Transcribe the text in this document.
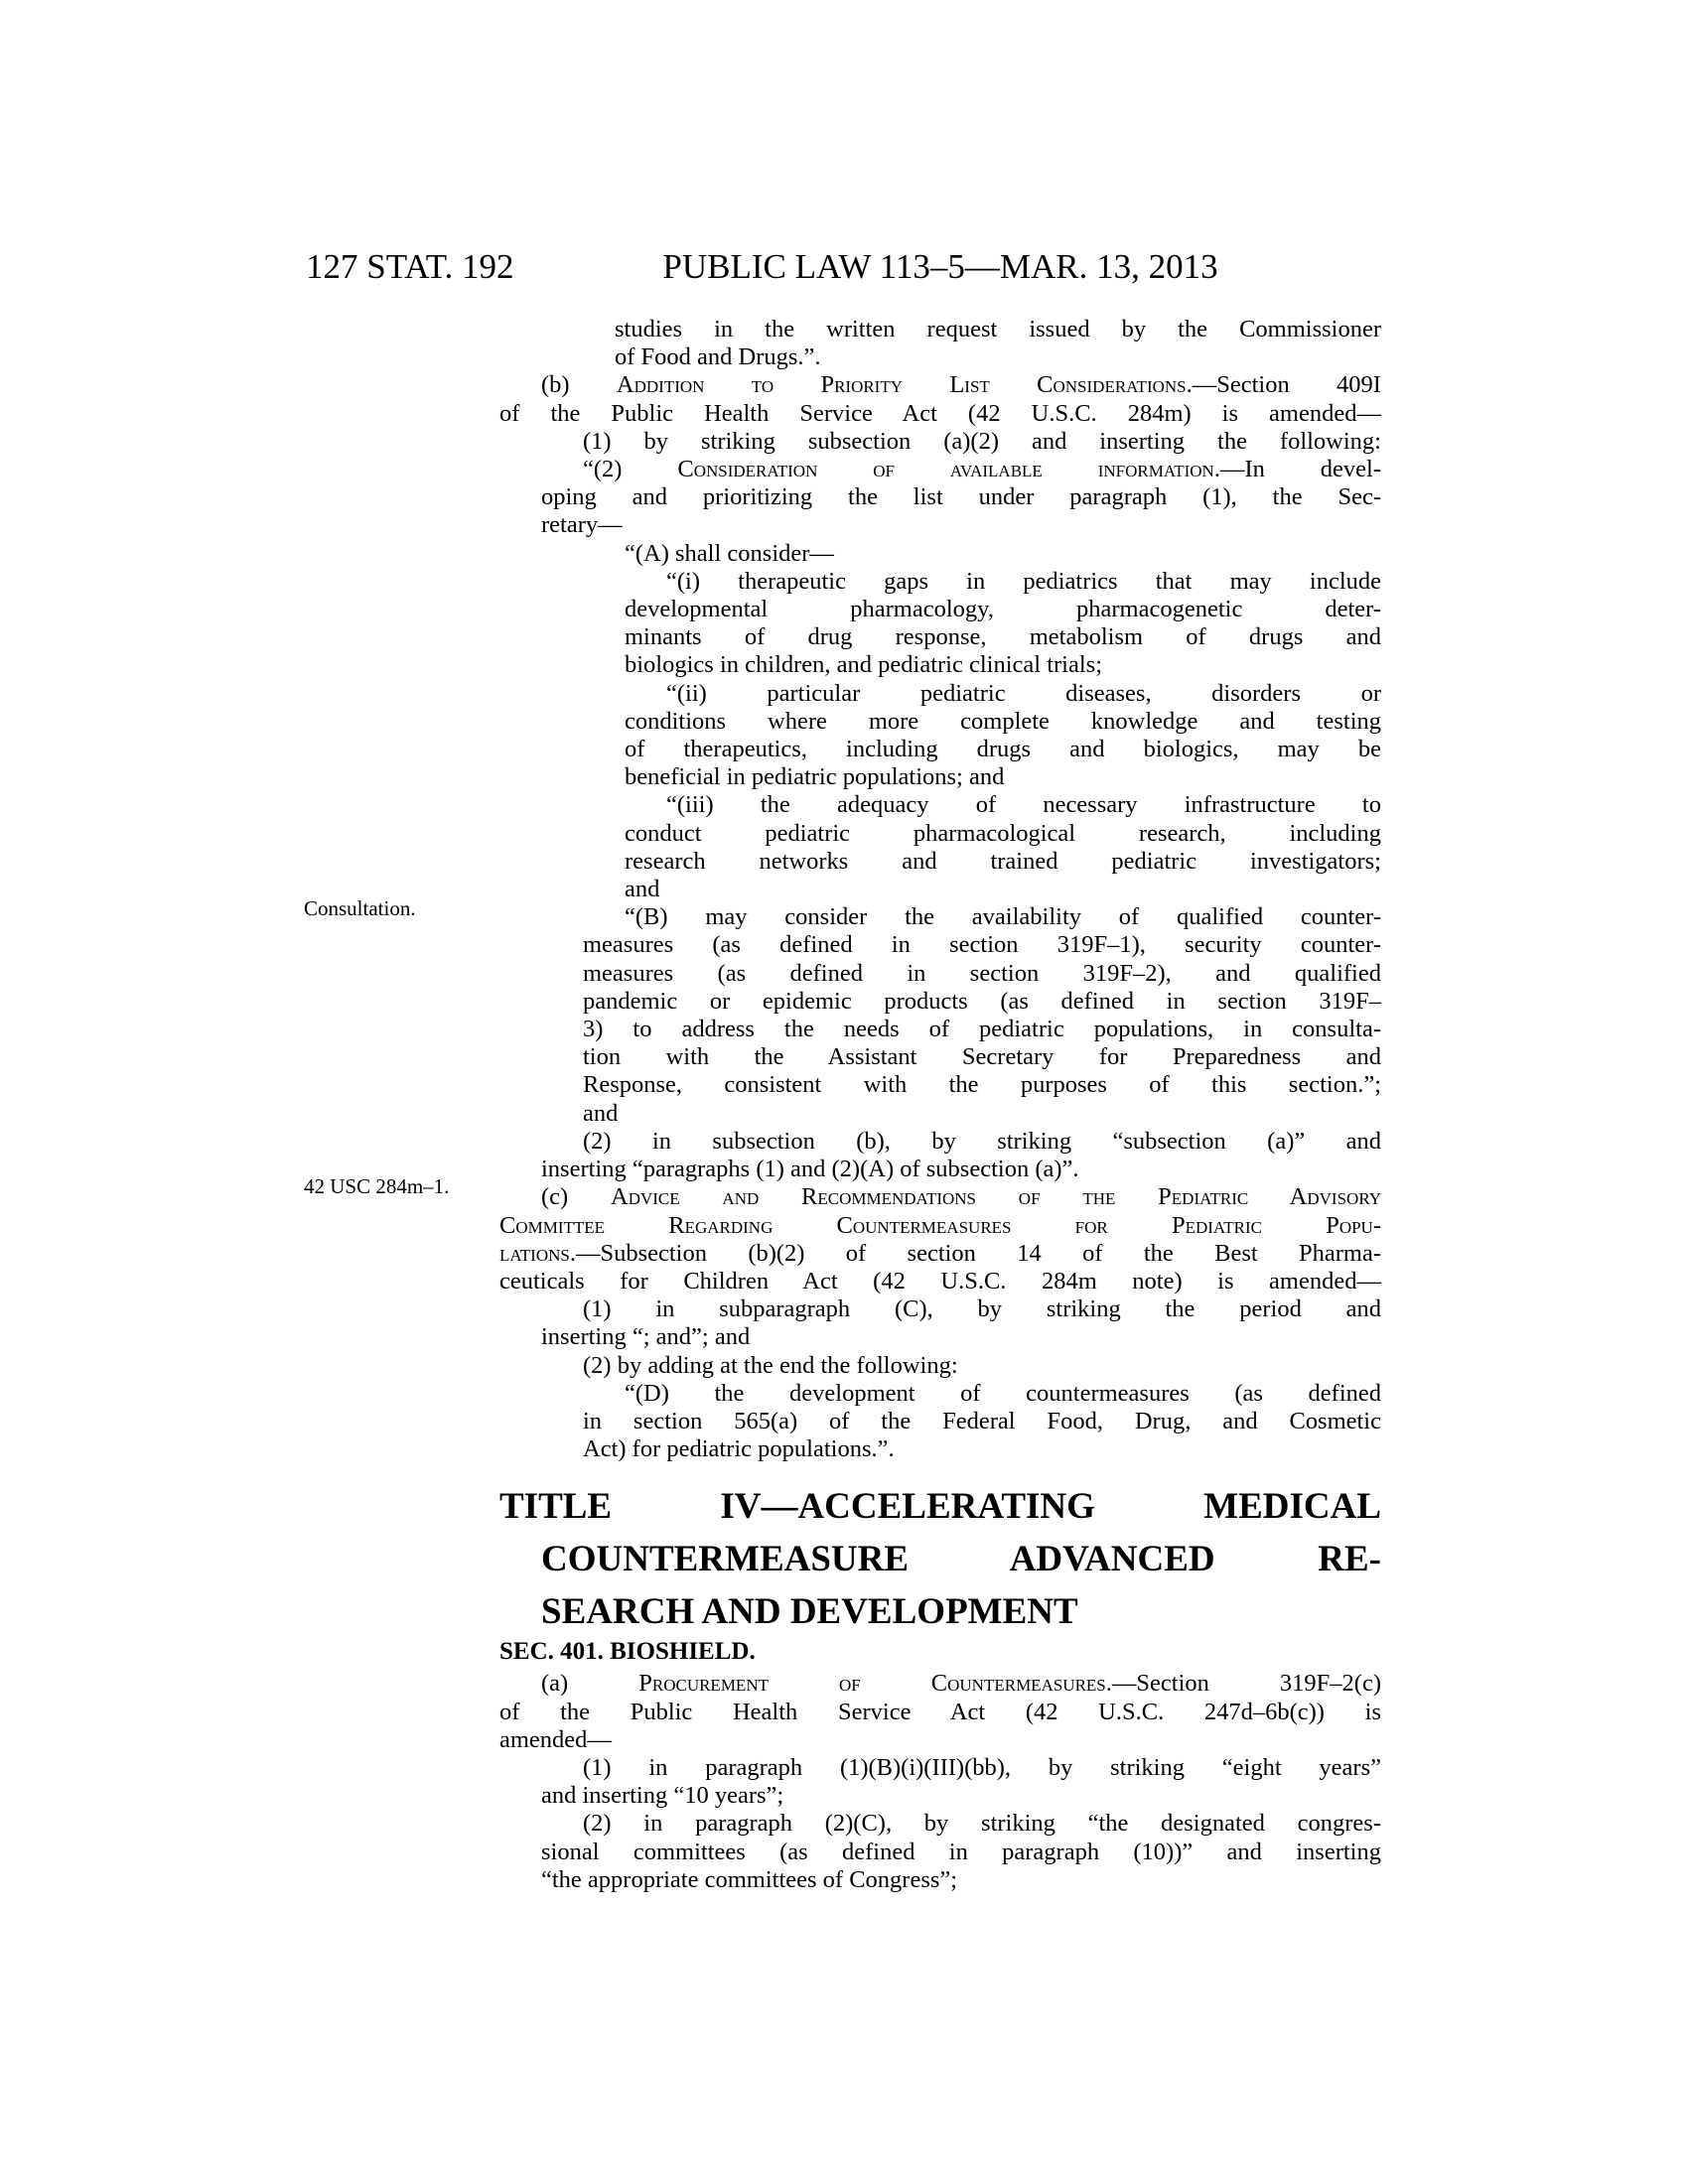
127 STAT. 192	PUBLIC LAW 113–5—MAR. 13, 2013
Consultation.
42 USC 284m–1.
studies in the written request issued by the Commissioner
of Food and Drugs.”.
(b) Addition to Priority List Considerations.—Section 409I
of the Public Health Service Act (42 U.S.C. 284m) is amended—
(1) by striking subsection (a)(2) and inserting the following:
“(2) Consideration of available information.—In devel-
oping and prioritizing the list under paragraph (1), the Sec-
retary—
“(A) shall consider—
“(i) therapeutic gaps in pediatrics that may include
developmental pharmacology, pharmacogenetic deter-
minants of drug response, metabolism of drugs and
biologics in children, and pediatric clinical trials;
“(ii) particular pediatric diseases, disorders or
conditions where more complete knowledge and testing
of therapeutics, including drugs and biologics, may be
beneficial in pediatric populations; and
“(iii) the adequacy of necessary infrastructure to
conduct pediatric pharmacological research, including
research networks and trained pediatric investigators;
and
“(B) may consider the availability of qualified counter-
measures (as defined in section 319F–1), security counter-
measures (as defined in section 319F–2), and qualified
pandemic or epidemic products (as defined in section 319F–
3) to address the needs of pediatric populations, in consulta-
tion with the Assistant Secretary for Preparedness and
Response, consistent with the purposes of this section.”;
and
(2) in subsection (b), by striking “subsection (a)” and
inserting “paragraphs (1) and (2)(A) of subsection (a)”.
(c) Advice and Recommendations of the Pediatric Advisory
Committee Regarding Countermeasures for Pediatric Popu-
lations.—Subsection (b)(2) of section 14 of the Best Pharma-
ceuticals for Children Act (42 U.S.C. 284m note) is amended—
(1) in subparagraph (C), by striking the period and
inserting “; and”; and
(2) by adding at the end the following:
“(D) the development of countermeasures (as defined
in section 565(a) of the Federal Food, Drug, and Cosmetic
Act) for pediatric populations.”.
TITLE IV—ACCELERATING MEDICAL
COUNTERMEASURE ADVANCED RE-
SEARCH AND DEVELOPMENT
SEC. 401. BIOSHIELD.
(a) Procurement of Countermeasures.—Section 319F–2(c)
of the Public Health Service Act (42 U.S.C. 247d–6b(c)) is
amended—
(1) in paragraph (1)(B)(i)(III)(bb), by striking “eight years”
and inserting “10 years”;
(2) in paragraph (2)(C), by striking “the designated congres-
sional committees (as defined in paragraph (10))” and inserting
“the appropriate committees of Congress”;
